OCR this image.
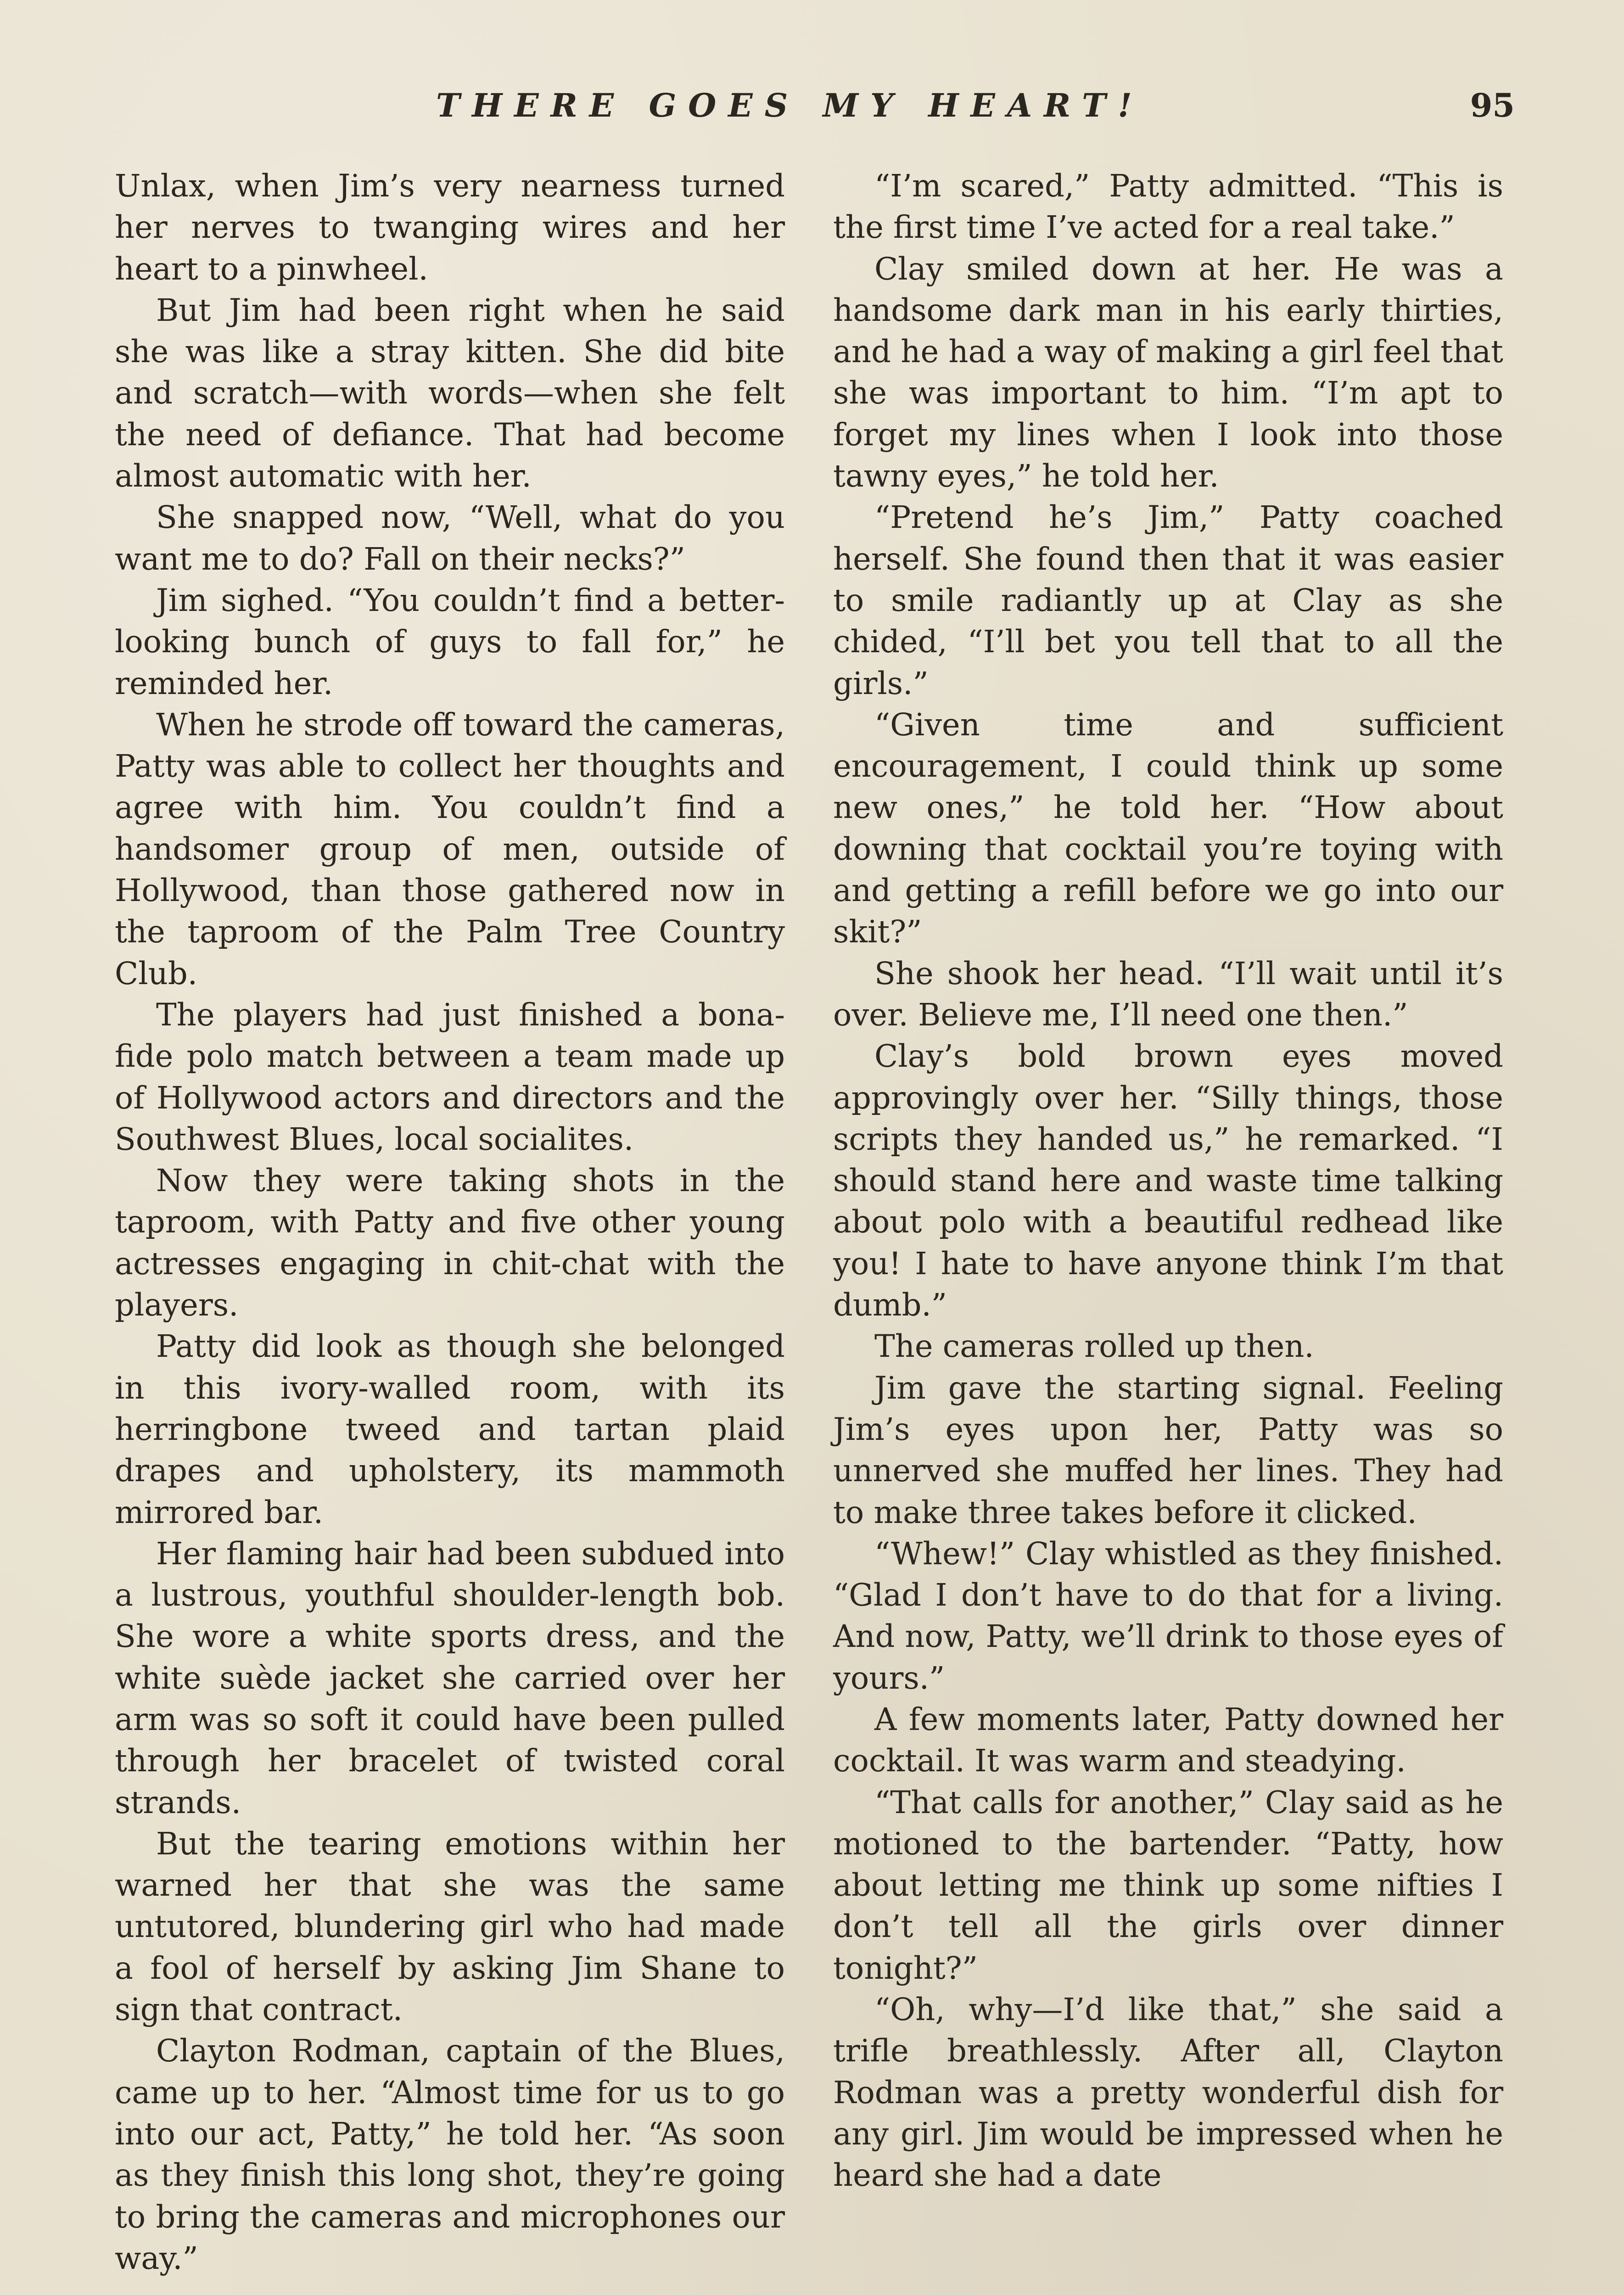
THERE GOES MY HEART!	95

Unlax, when Jim’s very nearness turned her nerves to twanging wires and her heart to a pinwheel.

But Jim had been right when he said she was like a stray kitten. She did bite and scratch—with words—when she felt the need of defiance. That had become almost automatic with her.

She snapped now, “Well, what do you want me to do? Fall on their necks?”

Jim sighed. “You couldn’t find a better-looking bunch of guys to fall for,” he reminded her.

When he strode off toward the cameras, Patty was able to collect her thoughts and agree with him. You couldn’t find a handsomer group of men, outside of Hollywood, than those gathered now in the taproom of the Palm Tree Country Club.

The players had just finished a bona-fide polo match between a team made up of Hollywood actors and directors and the Southwest Blues, local socialites.

Now they were taking shots in the taproom, with Patty and five other young actresses engaging in chit-chat with the players.

Patty did look as though she belonged in this ivory-walled room, with its herringbone tweed and tartan plaid drapes and upholstery, its mammoth mirrored bar.

Her flaming hair had been subdued into a lustrous, youthful shoulder-length bob. She wore a white sports dress, and the white suède jacket she carried over her arm was so soft it could have been pulled through her bracelet of twisted coral strands.

But the tearing emotions within her warned her that she was the same untutored, blundering girl who had made a fool of herself by asking Jim Shane to sign that contract.

Clayton Rodman, captain of the Blues, came up to her. “Almost time for us to go into our act, Patty,” he told her. “As soon as they finish this long shot, they’re going to bring the cameras and microphones our way.”

“I’m scared,” Patty admitted. “This is the first time I’ve acted for a real take.”

Clay smiled down at her. He was a handsome dark man in his early thirties, and he had a way of making a girl feel that she was important to him. “I’m apt to forget my lines when I look into those tawny eyes,” he told her.

“Pretend he’s Jim,” Patty coached herself. She found then that it was easier to smile radiantly up at Clay as she chided, “I’ll bet you tell that to all the girls.”

“Given time and sufficient encouragement, I could think up some new ones,” he told her. “How about downing that cocktail you’re toying with and getting a refill before we go into our skit?”

She shook her head. “I’ll wait until it’s over. Believe me, I’ll need one then.”

Clay’s bold brown eyes moved approvingly over her. “Silly things, those scripts they handed us,” he remarked. “I should stand here and waste time talking about polo with a beautiful redhead like you! I hate to have anyone think I’m that dumb.”

The cameras rolled up then.

Jim gave the starting signal. Feeling Jim’s eyes upon her, Patty was so unnerved she muffed her lines. They had to make three takes before it clicked.

“Whew!” Clay whistled as they finished. “Glad I don’t have to do that for a living. And now, Patty, we’ll drink to those eyes of yours.”

A few moments later, Patty downed her cocktail. It was warm and steadying.

“That calls for another,” Clay said as he motioned to the bartender. “Patty, how about letting me think up some nifties I don’t tell all the girls over dinner tonight?”

“Oh, why—I’d like that,” she said a trifle breathlessly. After all, Clayton Rodman was a pretty wonderful dish for any girl. Jim would be impressed when he heard she had a date
